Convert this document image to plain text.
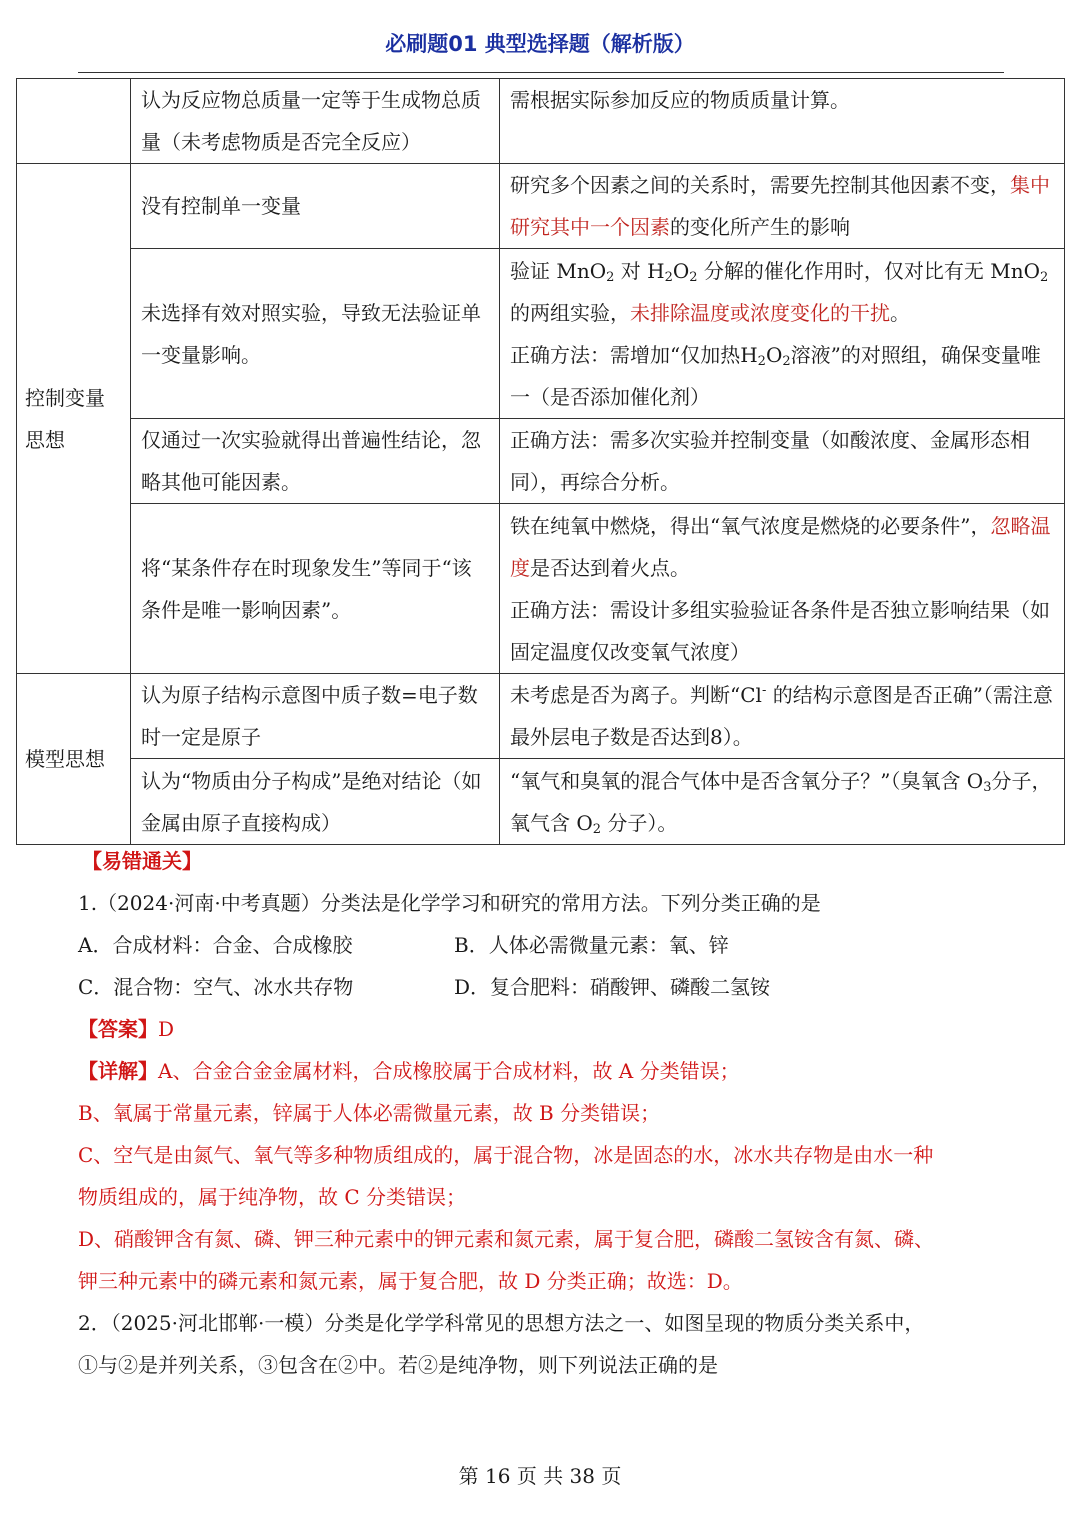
必刷题01 典型选择题（解析版）
	认为反应物总质量一定等于生成物总质量（未考虑物质是否完全反应）	需根据实际参加反应的物质质量计算。
控制变量思想	没有控制单一变量	研究多个因素之间的关系时，需要先控制其他因素不变，集中研究其中一个因素的变化所产生的影响
	未选择有效对照实验，导致无法验证单一变量影响。	验证 MnO$_2$ 对 $H_2O_2$ 分解的催化作用时，仅对比有无 MnO$_2$的两组实验，未排除温度或浓度变化的干扰。
正确方法：需增加“仅加热$H_2O_2$溶液”的对照组，确保变量唯一（是否添加催化剂）
	仅通过一次实验就得出普遍性结论，忽略其他可能因素。	正确方法：需多次实验并控制变量（如酸浓度、金属形态相同），再综合分析。
	将“某条件存在时现象发生”等同于“该条件是唯一影响因素”。	铁在纯氧中燃烧，得出“氧气浓度是燃烧的必要条件”，忽略温度是否达到着火点。
正确方法：需设计多组实验验证各条件是否独立影响结果（如固定温度仅改变氧气浓度）
模型思想	认为原子结构示意图中质子数=电子数时一定是原子	未考虑是否为离子。判断“Cl- 的结构示意图是否正确”（需注意最外层电子数是否达到8）。
	认为“物质由分子构成”是绝对结论（如金属由原子直接构成）	“氧气和臭氧的混合气体中是否含氧分子？”（臭氧含 $O_3$分子，氧气含 $O_2$ 分子）。
【易错通关】
1.（2024·河南·中考真题）分类法是化学学习和研究的常用方法。下列分类正确的是
A．合成材料：合金、合成橡胶	B．人体必需微量元素：氧、锌
C．混合物：空气、冰水共存物	D．复合肥料：硝酸钾、磷酸二氢铵
【答案】D
【详解】A、合金合金金属材料，合成橡胶属于合成材料，故 A 分类错误；
B、氧属于常量元素，锌属于人体必需微量元素，故 B 分类错误；
C、空气是由氮气、氧气等多种物质组成的，属于混合物，冰是固态的水，冰水共存物是由水一种
物质组成的，属于纯净物，故 C 分类错误；
D、硝酸钾含有氮、磷、钾三种元素中的钾元素和氮元素，属于复合肥，磷酸二氢铵含有氮、磷、
钾三种元素中的磷元素和氮元素，属于复合肥，故 D 分类正确；故选：D。
2．（2025·河北邯郸·一模）分类是化学学科常见的思想方法之一、如图呈现的物质分类关系中，
①与②是并列关系，③包含在②中。若②是纯净物，则下列说法正确的是
第 16 页 共 38 页
